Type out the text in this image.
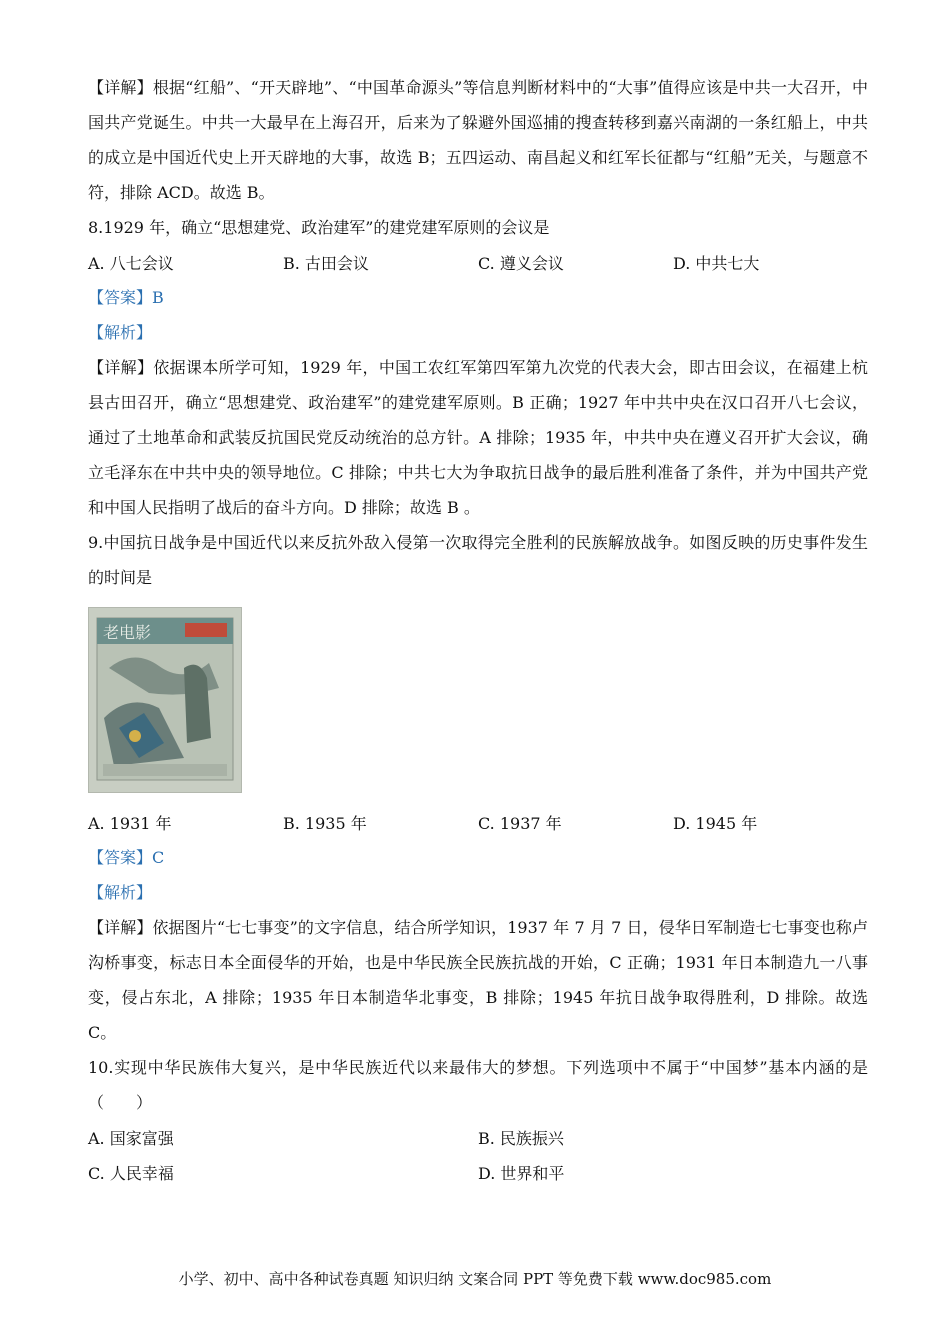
【详解】根据“红船”、“开天辟地”、“中国革命源头”等信息判断材料中的“大事”值得应该是中共一大召开，中国共产党诞生。中共一大最早在上海召开，后来为了躲避外国巡捕的搜查转移到嘉兴南湖的一条红船上，中共的成立是中国近代史上开天辟地的大事，故选 B；五四运动、南昌起义和红军长征都与“红船”无关，与题意不符，排除 ACD。故选 B。

8.1929 年，确立“思想建党、政治建军”的建党建军原则的会议是

A. 八七会议	B. 古田会议	C. 遵义会议	D. 中共七大

【答案】B

【解析】

【详解】依据课本所学可知，1929 年，中国工农红军第四军第九次党的代表大会，即古田会议，在福建上杭县古田召开，确立“思想建党、政治建军”的建党建军原则。B 正确；1927 年中共中央在汉口召开八七会议，通过了土地革命和武装反抗国民党反动统治的总方针。A 排除；1935 年，中共中央在遵义召开扩大会议，确立毛泽东在中共中央的领导地位。C 排除；中共七大为争取抗日战争的最后胜利准备了条件，并为中国共产党和中国人民指明了战后的奋斗方向。D 排除；故选 B 。

9.中国抗日战争是中国近代以来反抗外敌入侵第一次取得完全胜利的民族解放战争。如图反映的历史事件发生的时间是

老电影
A. 1931 年	B. 1935 年	C. 1937 年	D. 1945 年

【答案】C

【解析】

【详解】依据图片“七七事变”的文字信息，结合所学知识，1937 年 7 月 7 日，侵华日军制造七七事变也称卢沟桥事变，标志日本全面侵华的开始，也是中华民族全民族抗战的开始，C 正确；1931 年日本制造九一八事变，侵占东北，A 排除；1935 年日本制造华北事变，B 排除；1945 年抗日战争取得胜利，D 排除。故选 C。

10.实现中华民族伟大复兴，是中华民族近代以来最伟大的梦想。下列选项中不属于“中国梦”基本内涵的是（　　）

A. 国家富强	B. 民族振兴
C. 人民幸福	D. 世界和平
小学、初中、高中各种试卷真题 知识归纳 文案合同 PPT 等免费下载 www.doc985.com
